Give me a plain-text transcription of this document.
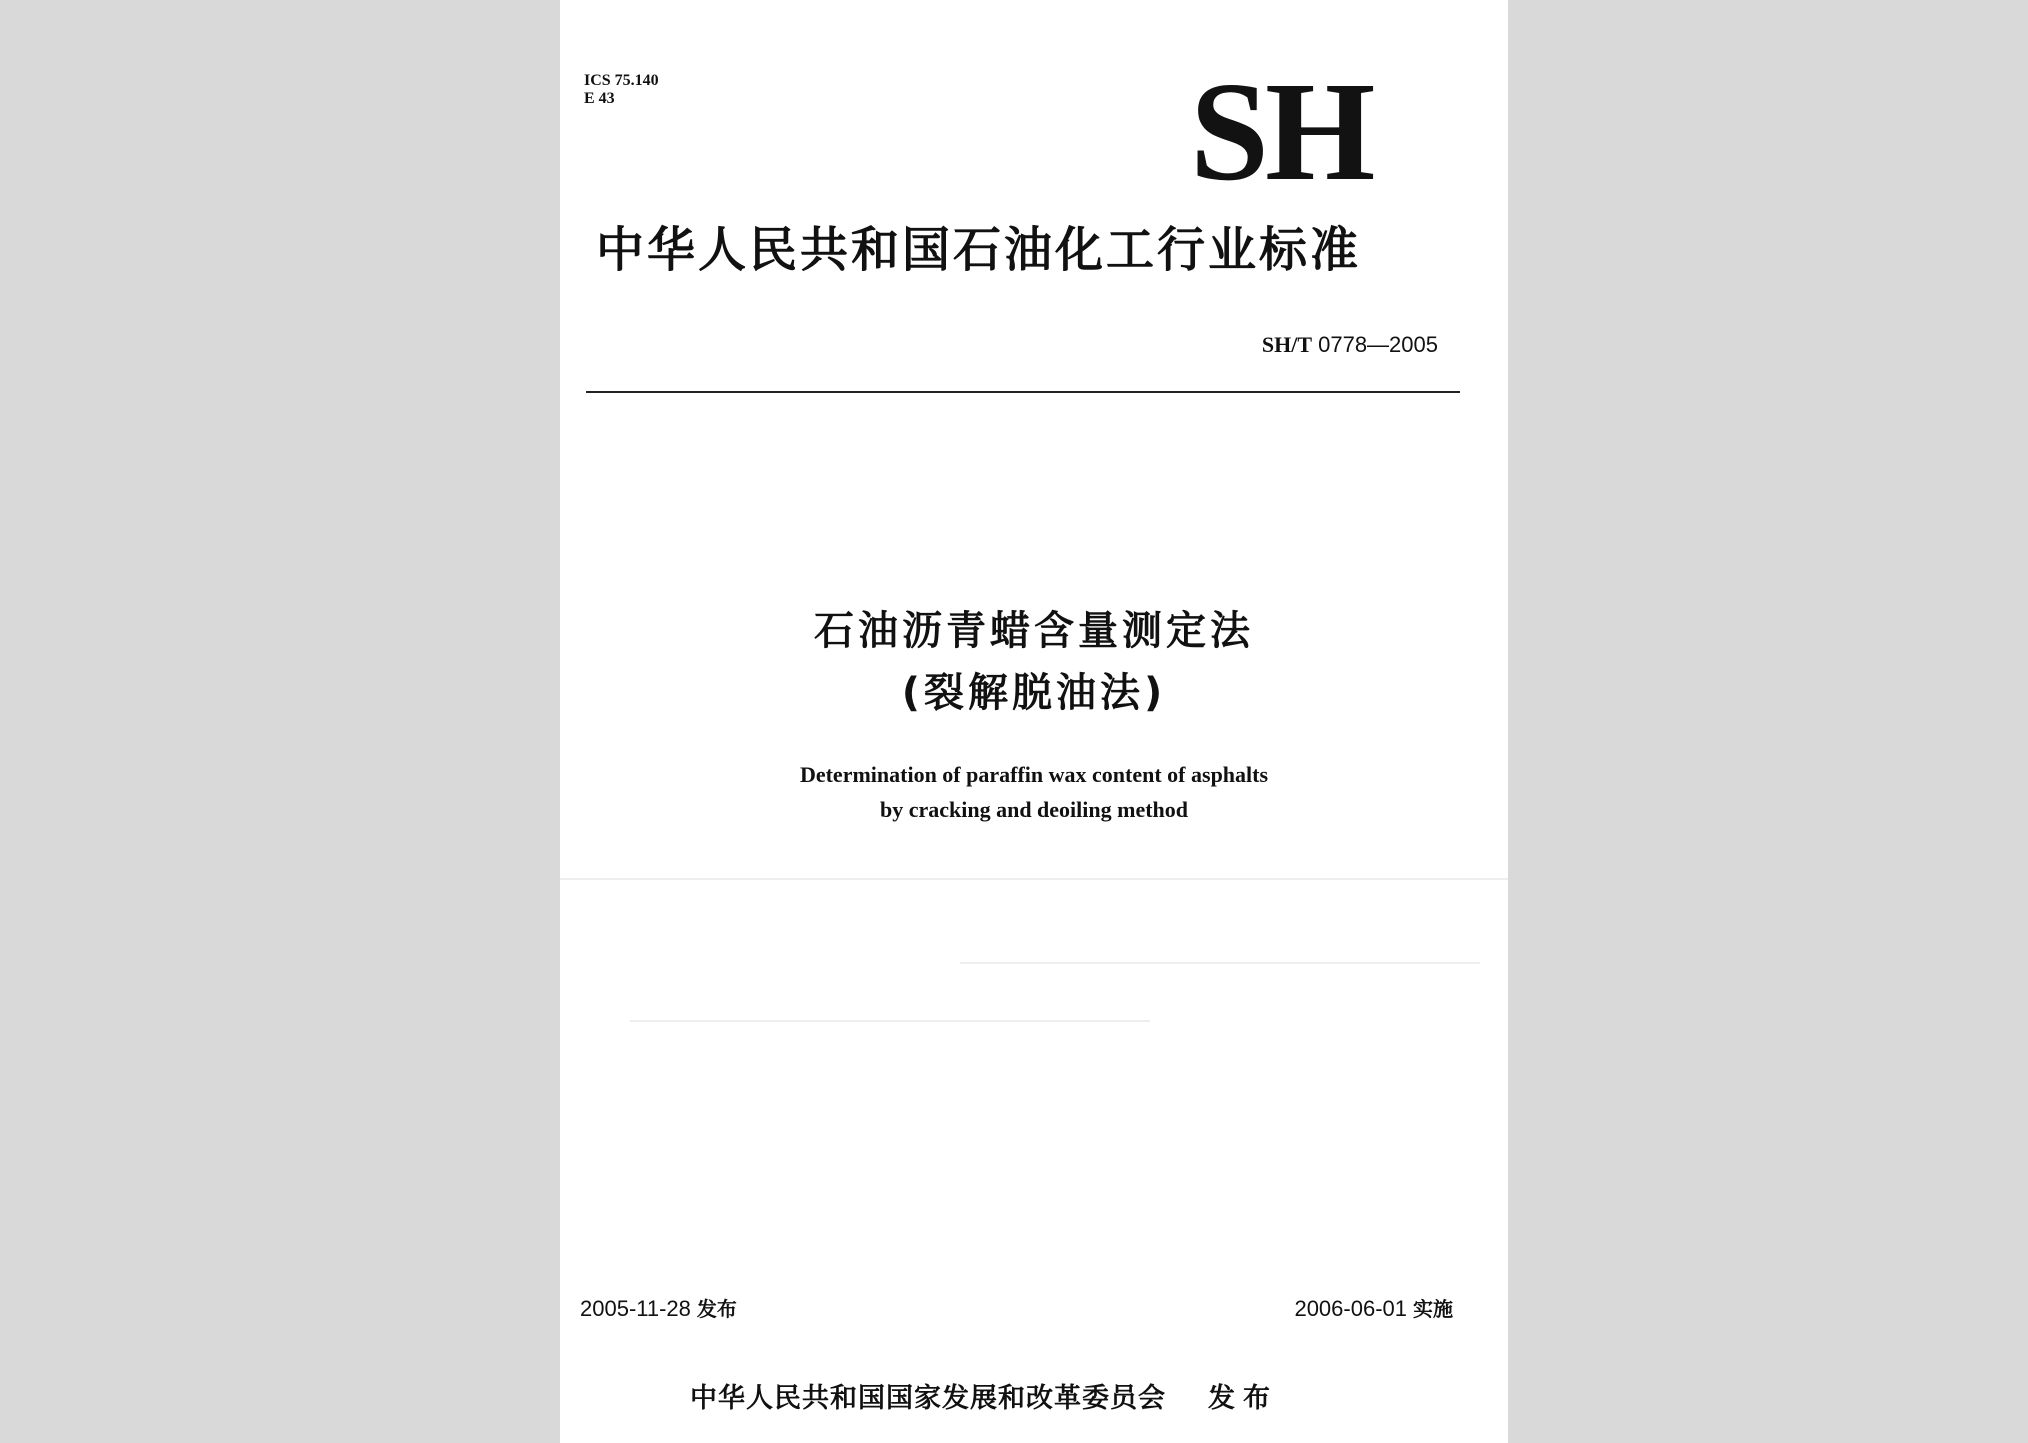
ICS 75.140
E 43	SH
中华人民共和国石油化工行业标准
SH/T 0778—2005
石油沥青蜡含量测定法
(裂解脱油法)
Determination of paraffin wax content of asphalts
by cracking and deoiling method
2005-11-28 发布	2006-06-01 实施
中华人民共和国国家发展和改革委员会 发布
